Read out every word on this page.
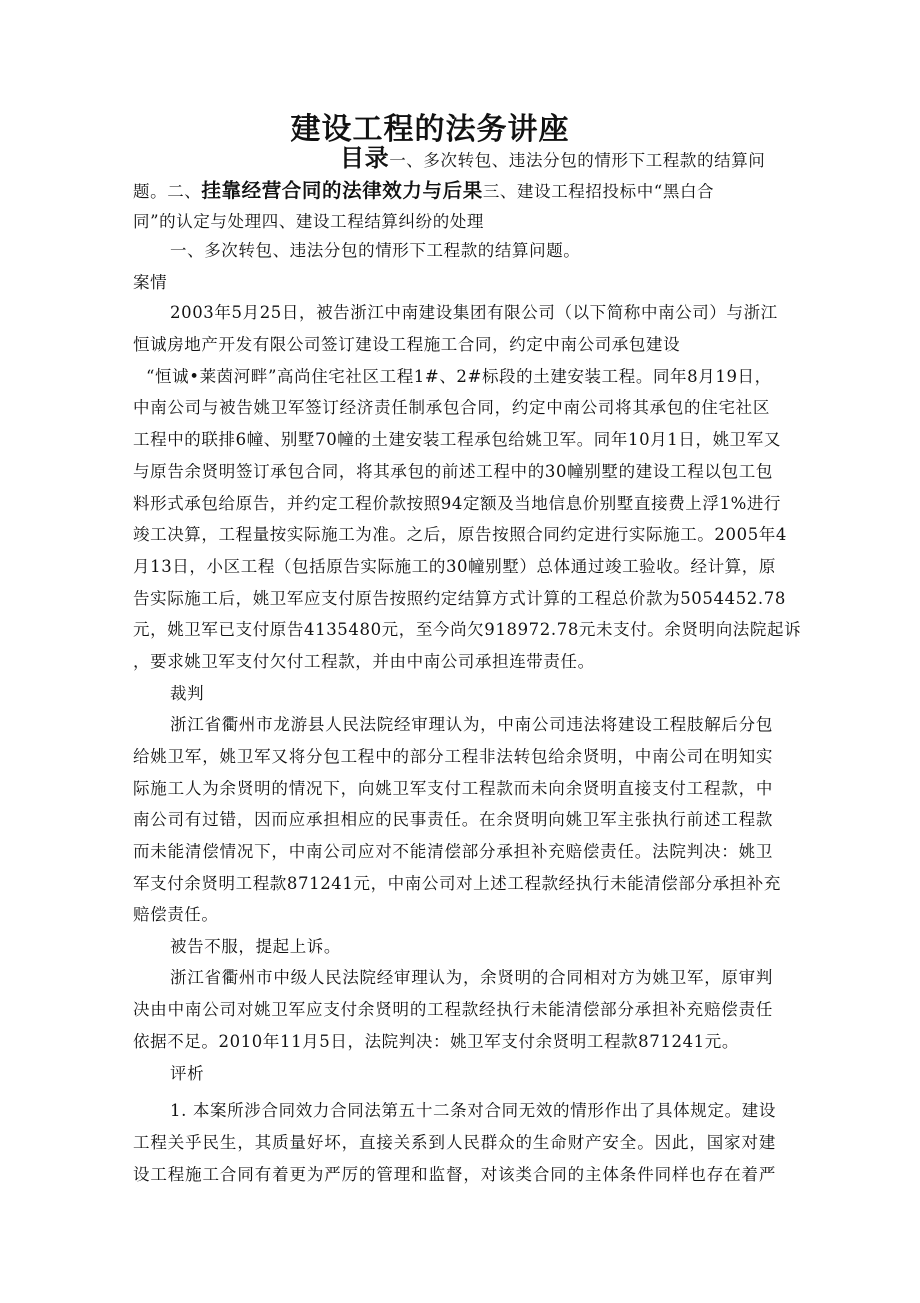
建设工程的法务讲座
目录一、多次转包、违法分包的情形下工程款的结算问
题。二、挂靠经营合同的法律效力与后果三、建设工程招投标中“黑白合
同”的认定与处理四、建设工程结算纠纷的处理
一、多次转包、违法分包的情形下工程款的结算问题。
案情
2003年5月25日，被告浙江中南建设集团有限公司（以下简称中南公司）与浙江
恒诚房地产开发有限公司签订建设工程施工合同，约定中南公司承包建设
“恒诚•莱茵河畔”高尚住宅社区工程1#、2#标段的土建安装工程。同年8月19日，
中南公司与被告姚卫军签订经济责任制承包合同，约定中南公司将其承包的住宅社区
工程中的联排6幢、别墅70幢的土建安装工程承包给姚卫军。同年10月1日，姚卫军又
与原告余贤明签订承包合同，将其承包的前述工程中的30幢别墅的建设工程以包工包
料形式承包给原告，并约定工程价款按照94定额及当地信息价别墅直接费上浮1%进行
竣工决算，工程量按实际施工为准。之后，原告按照合同约定进行实际施工。2005年4
月13日，小区工程（包括原告实际施工的30幢别墅）总体通过竣工验收。经计算，原
告实际施工后，姚卫军应支付原告按照约定结算方式计算的工程总价款为5054452.78
元，姚卫军已支付原告4135480元，至今尚欠918972.78元未支付。余贤明向法院起诉
，要求姚卫军支付欠付工程款，并由中南公司承担连带责任。
裁判
浙江省衢州市龙游县人民法院经审理认为，中南公司违法将建设工程肢解后分包
给姚卫军，姚卫军又将分包工程中的部分工程非法转包给余贤明，中南公司在明知实
际施工人为余贤明的情况下，向姚卫军支付工程款而未向余贤明直接支付工程款，中
南公司有过错，因而应承担相应的民事责任。在余贤明向姚卫军主张执行前述工程款
而未能清偿情况下，中南公司应对不能清偿部分承担补充赔偿责任。法院判决：姚卫
军支付余贤明工程款871241元，中南公司对上述工程款经执行未能清偿部分承担补充
赔偿责任。
被告不服，提起上诉。
浙江省衢州市中级人民法院经审理认为，余贤明的合同相对方为姚卫军，原审判
决由中南公司对姚卫军应支付余贤明的工程款经执行未能清偿部分承担补充赔偿责任
依据不足。2010年11月5日，法院判决：姚卫军支付余贤明工程款871241元。
评析
1. 本案所涉合同效力合同法第五十二条对合同无效的情形作出了具体规定。建设
工程关乎民生，其质量好坏，直接关系到人民群众的生命财产安全。因此，国家对建
设工程施工合同有着更为严厉的管理和监督，对该类合同的主体条件同样也存在着严
